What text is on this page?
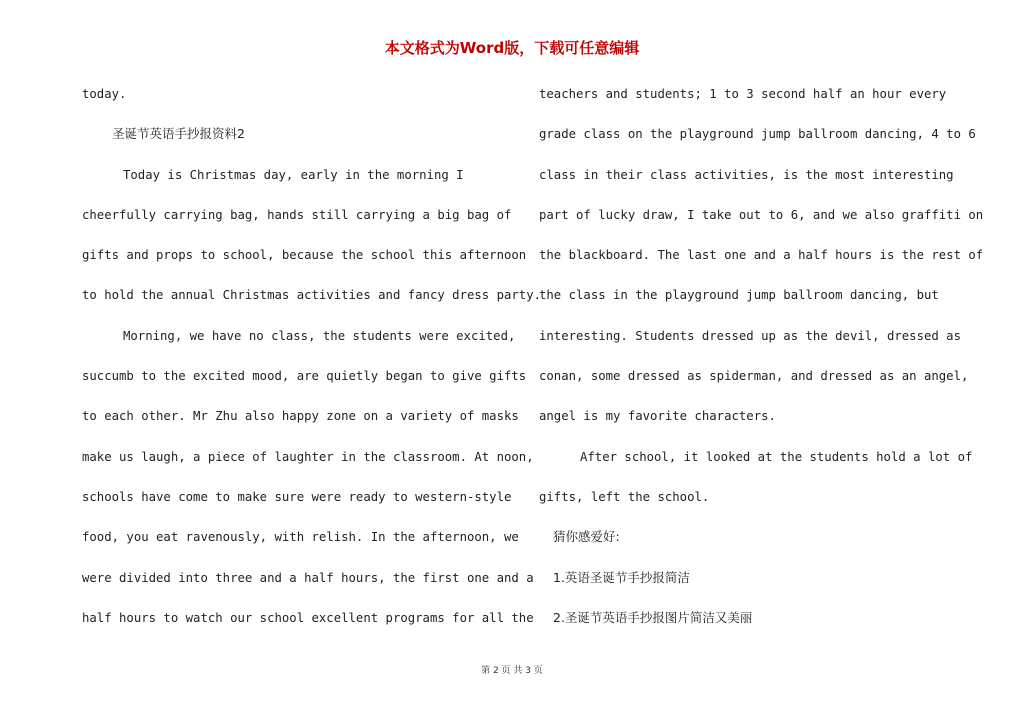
本文格式为Word版，下载可任意编辑
today.
圣诞节英语手抄报资料2
Today is Christmas day, early in the morning I
cheerfully carrying bag, hands still carrying a big bag of
gifts and props to school, because the school this afternoon
to hold the annual Christmas activities and fancy dress party.
Morning, we have no class, the students were excited,
succumb to the excited mood, are quietly began to give gifts
to each other. Mr Zhu also happy zone on a variety of masks
make us laugh, a piece of laughter in the classroom. At noon,
schools have come to make sure were ready to western-style
food, you eat ravenously, with relish. In the afternoon, we
were divided into three and a half hours, the first one and a
half hours to watch our school excellent programs for all the
teachers and students; 1 to 3 second half an hour every
grade class on the playground jump ballroom dancing, 4 to 6
class in their class activities, is the most interesting
part of lucky draw, I take out to 6, and we also graffiti on
the blackboard. The last one and a half hours is the rest of
the class in the playground jump ballroom dancing, but
interesting. Students dressed up as the devil, dressed as
conan, some dressed as spiderman, and dressed as an angel,
angel is my favorite characters.
After school, it looked at the students hold a lot of
gifts, left the school.
猜你感爱好:
1.英语圣诞节手抄报简洁
2.圣诞节英语手抄报图片简洁又美丽
第 2 页 共 3 页
